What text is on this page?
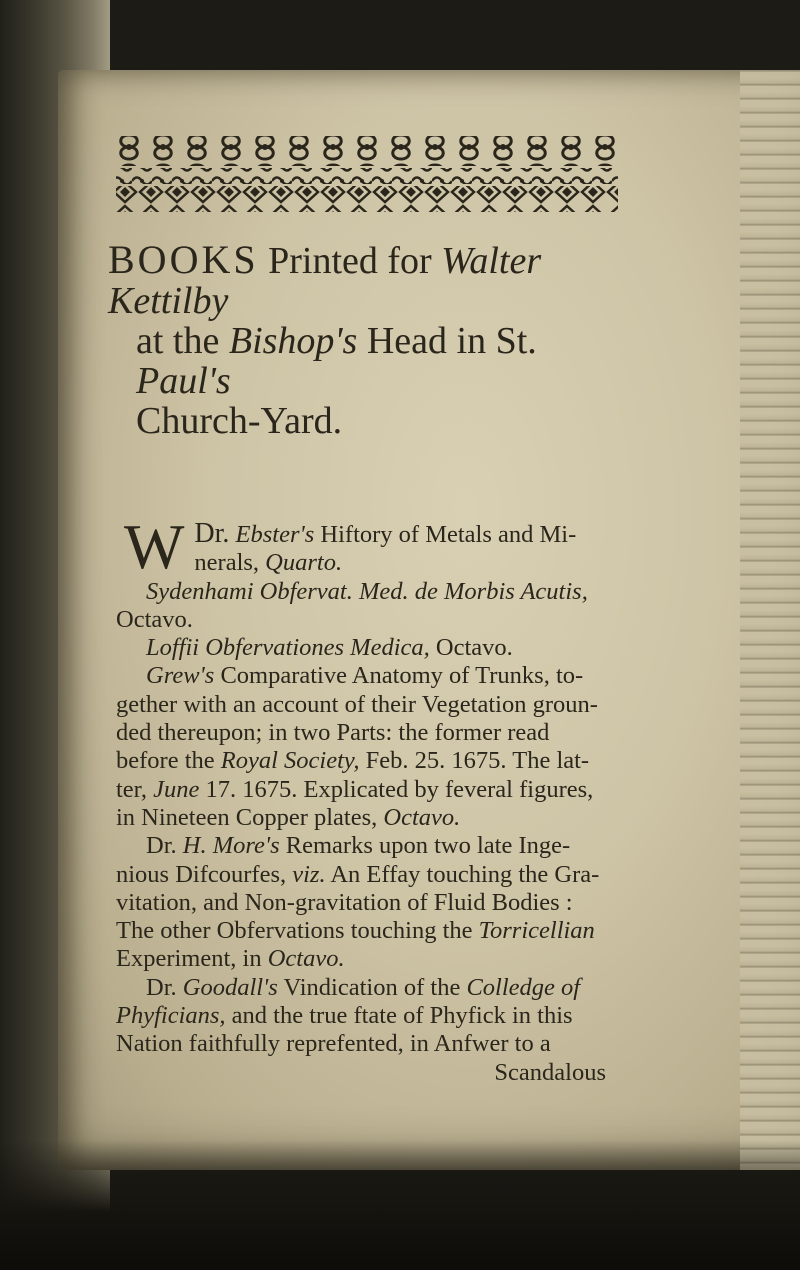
BOOKS Printed for Walter Kettilby

at the Bishop's Head in St. Paul's

Church-Yard.

Dr.
W Ebster's Hiftory of Metals and Mi-
nerals, Quarto.
Sydenhami Obfervat. Med. de Morbis Acutis,
Octavo.
Loffii Obfervationes Medica, Octavo.
Grew's Comparative Anatomy of Trunks, to-
gether with an account of their Vegetation groun-
ded thereupon; in two Parts: the former read
before the Royal Society, Feb. 25. 1675. The lat-
ter, June 17. 1675. Explicated by feveral figures,
in Nineteen Copper plates, Octavo.
Dr. H. More's Remarks upon two late Inge-
nious Difcourfes, viz. An Effay touching the Gra-
vitation, and Non-gravitation of Fluid Bodies :
The other Obfervations touching the Torricellian
Experiment, in Octavo.
Dr. Goodall's Vindication of the Colledge of
Phyficians, and the true ftate of Phyfick in this
Nation faithfully reprefented, in Anfwer to a
Scandalous
